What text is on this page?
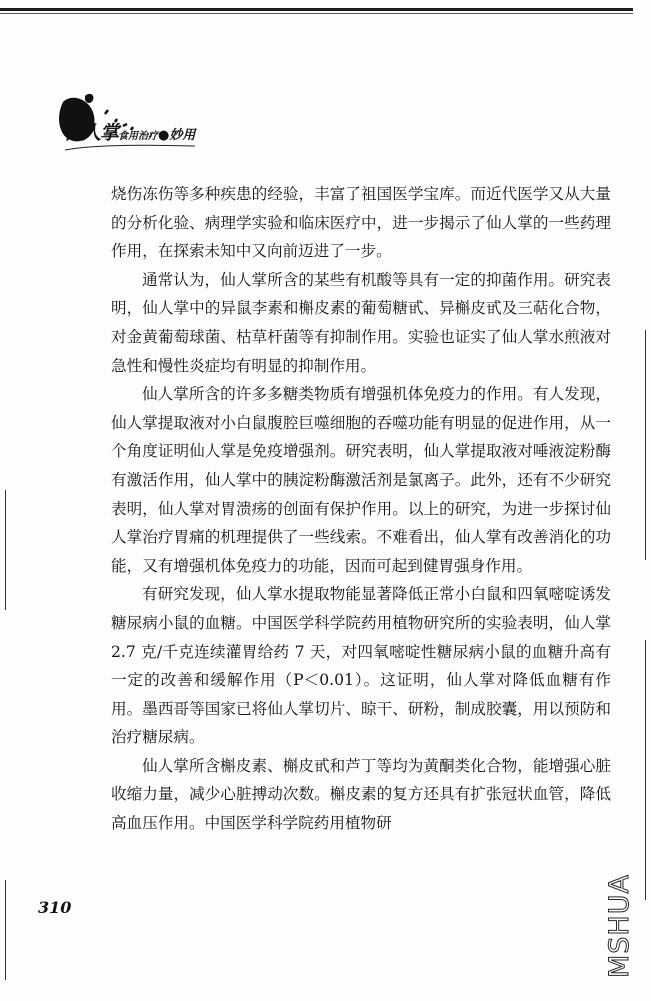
仙人掌食用治疗●妙用

烧伤冻伤等多种疾患的经验，丰富了祖国医学宝库。而近代医学又从大量的分析化验、病理学实验和临床医疗中，进一步揭示了仙人掌的一些药理作用，在探索未知中又向前迈进了一步。

通常认为，仙人掌所含的某些有机酸等具有一定的抑菌作用。研究表明，仙人掌中的异鼠李素和槲皮素的葡萄糖甙、异槲皮甙及三萜化合物，对金黄葡萄球菌、枯草杆菌等有抑制作用。实验也证实了仙人掌水煎液对急性和慢性炎症均有明显的抑制作用。

仙人掌所含的许多多糖类物质有增强机体免疫力的作用。有人发现，仙人掌提取液对小白鼠腹腔巨噬细胞的吞噬功能有明显的促进作用，从一个角度证明仙人掌是免疫增强剂。研究表明，仙人掌提取液对唾液淀粉酶有激活作用，仙人掌中的胰淀粉酶激活剂是氯离子。此外，还有不少研究表明，仙人掌对胃溃疡的创面有保护作用。以上的研究，为进一步探讨仙人掌治疗胃痛的机理提供了一些线索。不难看出，仙人掌有改善消化的功能，又有增强机体免疫力的功能，因而可起到健胃强身作用。

有研究发现，仙人掌水提取物能显著降低正常小白鼠和四氧嘧啶诱发糖尿病小鼠的血糖。中国医学科学院药用植物研究所的实验表明，仙人掌 2.7 克/千克连续灌胃给药 7 天，对四氧嘧啶性糖尿病小鼠的血糖升高有一定的改善和缓解作用（P＜0.01）。这证明，仙人掌对降低血糖有作用。墨西哥等国家已将仙人掌切片、晾干、研粉，制成胶囊，用以预防和治疗糖尿病。

仙人掌所含槲皮素、槲皮甙和芦丁等均为黄酮类化合物，能增强心脏收缩力量，减少心脏搏动次数。槲皮素的复方还具有扩张冠状血管，降低高血压作用。中国医学科学院药用植物研

310	MSHUA
